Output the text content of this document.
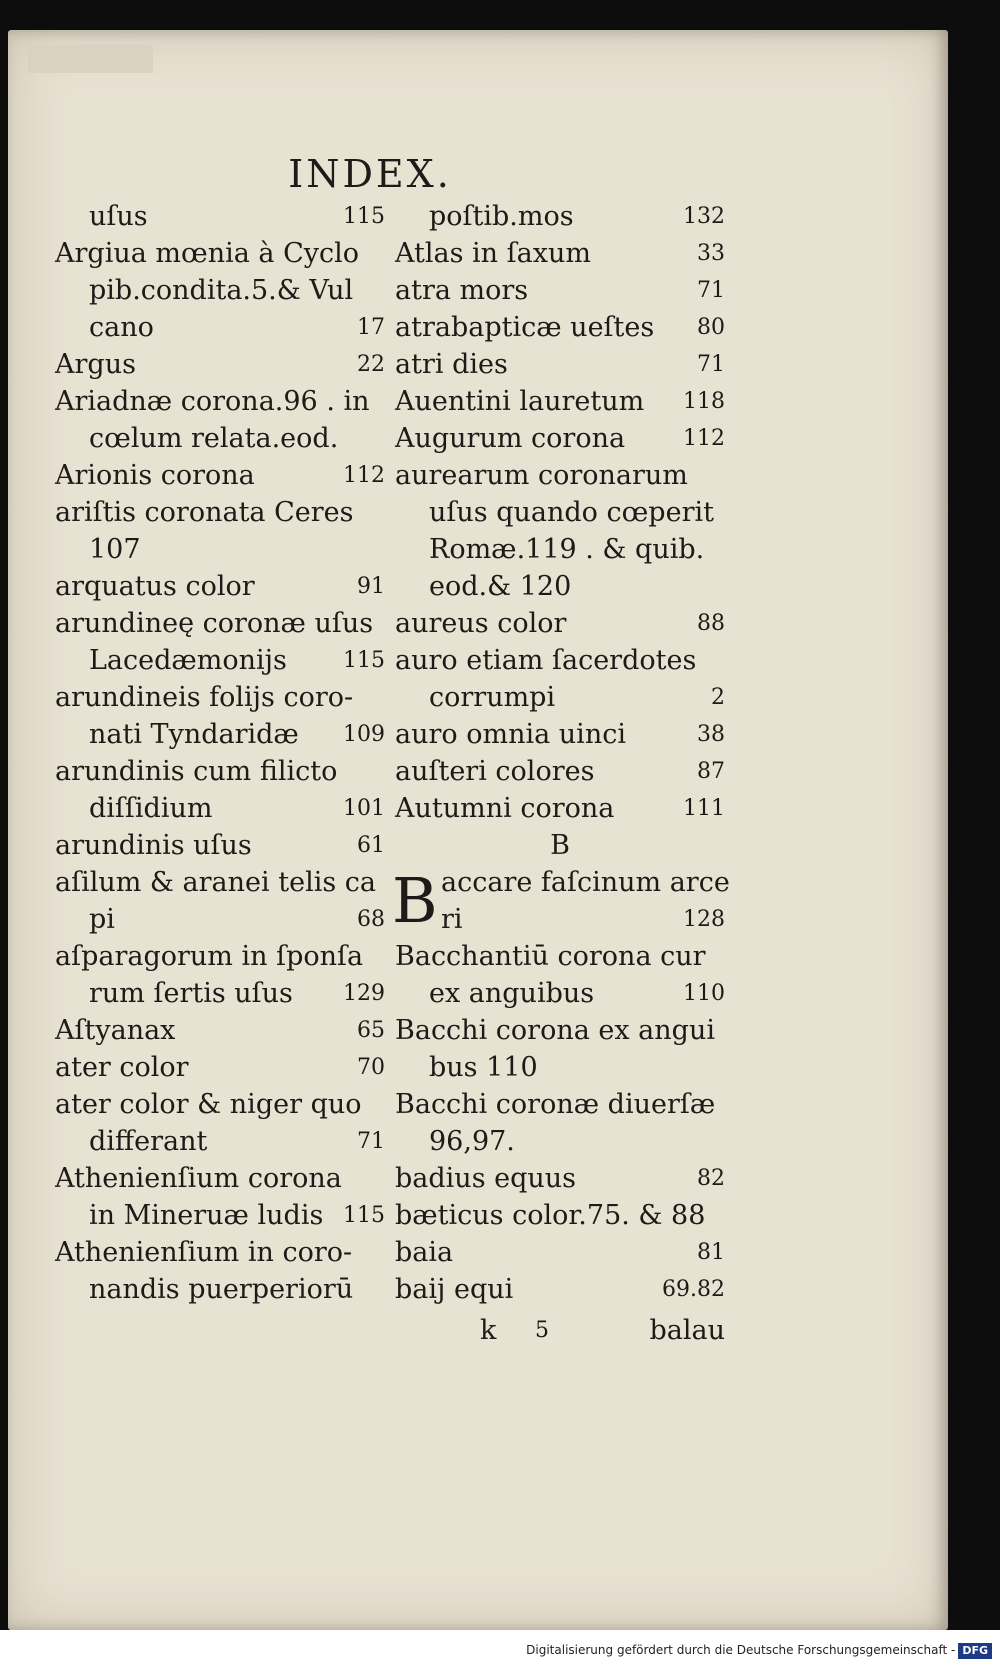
INDEX.
uſus	115
Argiua mœnia à Cyclo
pib.condita.5.& Vul
cano	17
Argus	22
Ariadnæ corona.96 . in
cœlum relata.eod.
Arionis corona	112
ariſtis coronata Ceres
107
arquatus color	91
arundineę coronæ uſus
Lacedæmonijs	115
arundineis folijs coro-
nati Tyndaridæ	109
arundinis cum filicto
diſſidium	101
arundinis uſus	61
aſilum & aranei telis ca
pi	68
aſparagorum in ſponſa
rum ſertis uſus	129
Aſtyanax	65
ater color	70
ater color & niger quo
differant	71
Athenienſium corona
in Mineruæ ludis 115
Athenienſium in coro-
nandis puerperiorū
poſtib.mos	132
Atlas in ſaxum	33
atra mors	71
atrabapticæ ueſtes	80
atri dies	71
Auentini lauretum	118
Augurum corona	112
aurearum coronarum
uſus quando cœperit
Romæ.119 . & quib.
eod.& 120
aureus color	88
auro etiam ſacerdotes
corrumpi	2
auro omnia uinci	38
auſteri colores	87
Autumni corona	111
B
accare faſcinum arce
ri	128
Bacchantiū corona cur
ex anguibus	110
Bacchi corona ex angui
bus 110
Bacchi coronæ diuerſæ
96,97.
badius equus	82
bæticus color.75. & 88
baia	81
baij equi	69.82
B
k 5	balau
Digitalisierung gefördert durch die Deutsche Forschungsgemeinschaft - DFG
